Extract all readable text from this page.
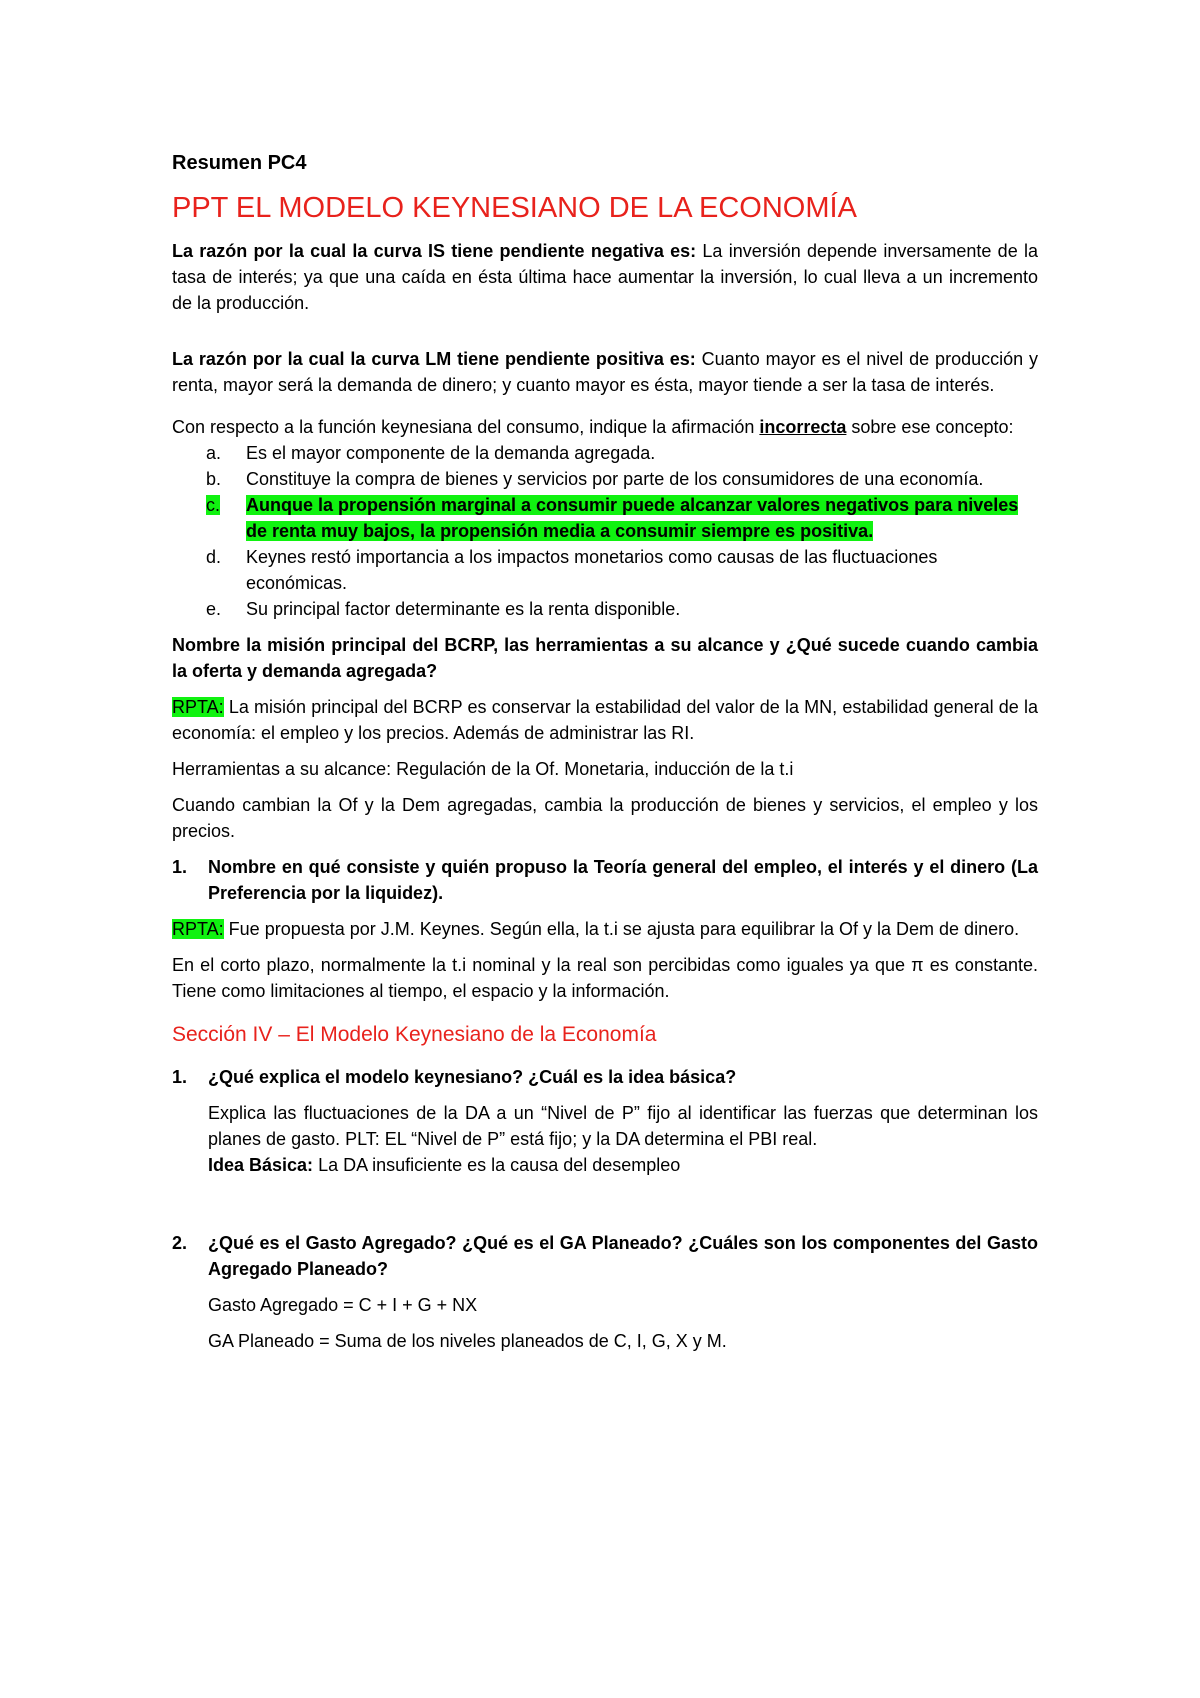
Resumen PC4

PPT EL MODELO KEYNESIANO DE LA ECONOMÍA

La razón por la cual la curva IS tiene pendiente negativa es: La inversión depende inversamente de la tasa de interés; ya que una caída en ésta última hace aumentar la inversión, lo cual lleva a un incremento de la producción.

La razón por la cual la curva LM tiene pendiente positiva es: Cuanto mayor es el nivel de producción y renta, mayor será la demanda de dinero; y cuanto mayor es ésta, mayor tiende a ser la tasa de interés.

Con respecto a la función keynesiana del consumo, indique la afirmación incorrecta sobre ese concepto:

a.	Es el mayor componente de la demanda agregada.
b.	Constituye la compra de bienes y servicios por parte de los consumidores de una economía.
c.	Aunque la propensión marginal a consumir puede alcanzar valores negativos para niveles de renta muy bajos, la propensión media a consumir siempre es positiva.
d.	Keynes restó importancia a los impactos monetarios como causas de las fluctuaciones económicas.
e.	Su principal factor determinante es la renta disponible.

Nombre la misión principal del BCRP, las herramientas a su alcance y ¿Qué sucede cuando cambia la oferta y demanda agregada?

RPTA: La misión principal del BCRP es conservar la estabilidad del valor de la MN, estabilidad general de la economía: el empleo y los precios. Además de administrar las RI.

Herramientas a su alcance: Regulación de la Of. Monetaria, inducción de la t.i

Cuando cambian la Of y la Dem agregadas, cambia la producción de bienes y servicios, el empleo y los precios.

1.	Nombre en qué consiste y quién propuso la Teoría general del empleo, el interés y el dinero (La Preferencia por la liquidez).

RPTA: Fue propuesta por J.M. Keynes. Según ella, la t.i se ajusta para equilibrar la Of y la Dem de dinero.

En el corto plazo, normalmente la t.i nominal y la real son percibidas como iguales ya que π es constante. Tiene como limitaciones al tiempo, el espacio y la información.

Sección IV – El Modelo Keynesiano de la Economía

1.	¿Qué explica el modelo keynesiano? ¿Cuál es la idea básica?

Explica las fluctuaciones de la DA a un “Nivel de P” fijo al identificar las fuerzas que determinan los planes de gasto. PLT: EL “Nivel de P” está fijo; y la DA determina el PBI real.

Idea Básica: La DA insuficiente es la causa del desempleo

2.	¿Qué es el Gasto Agregado? ¿Qué es el GA Planeado? ¿Cuáles son los componentes del Gasto Agregado Planeado?

Gasto Agregado = C + I + G + NX

GA Planeado = Suma de los niveles planeados de C, I, G, X y M.
